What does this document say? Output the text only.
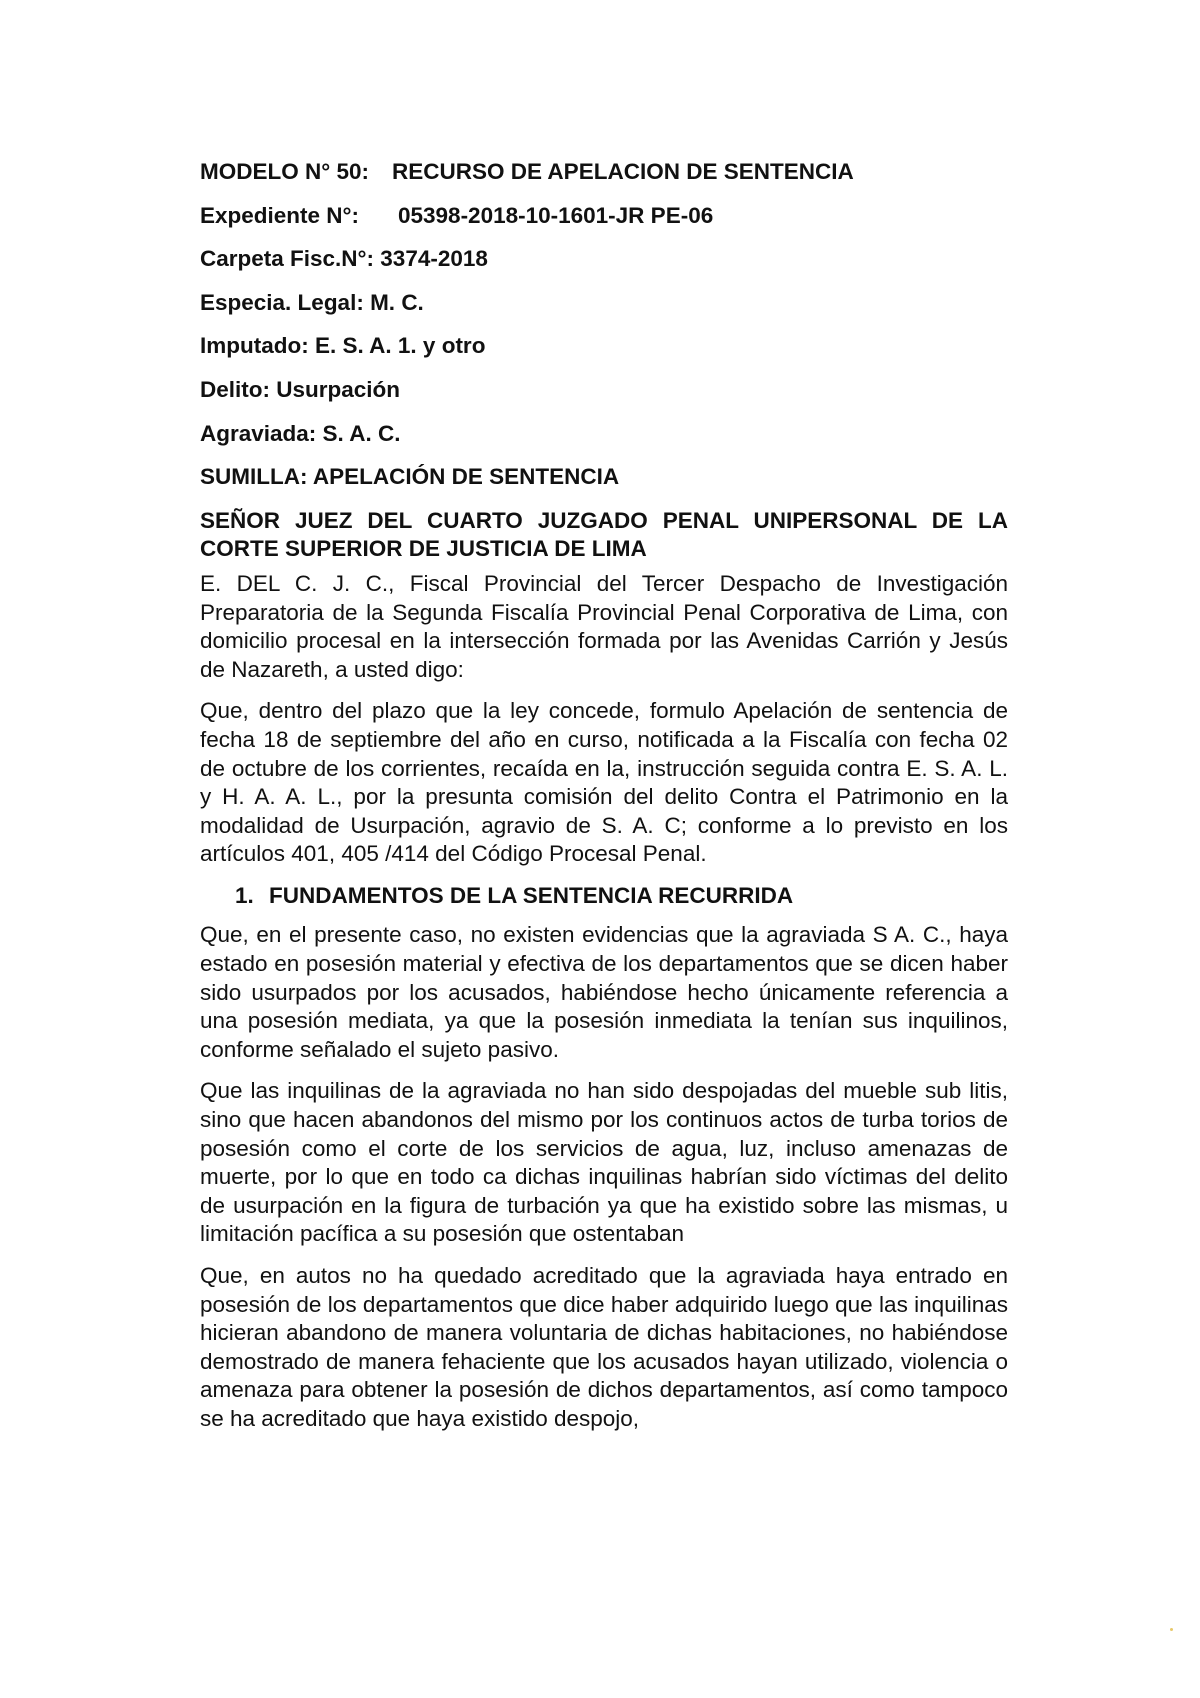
MODELO N° 50: RECURSO DE APELACION DE SENTENCIA
Expediente N°: 05398-2018-10-1601-JR PE-06
Carpeta Fisc.N°: 3374-2018
Especia. Legal: M. C.
Imputado: E. S. A. 1. y otro
Delito: Usurpación
Agraviada: S. A. C.
SUMILLA: APELACIÓN DE SENTENCIA
SEÑOR JUEZ DEL CUARTO JUZGADO PENAL UNIPERSONAL DE LA CORTE SUPERIOR DE JUSTICIA DE LIMA

E. DEL C. J. C., Fiscal Provincial del Tercer Despacho de Investigación Preparatoria de la Segunda Fiscalía Provincial Penal Corporativa de Lima, con domicilio procesal en la intersección formada por las Avenidas Carrión y Jesús de Nazareth, a usted digo:

Que, dentro del plazo que la ley concede, formulo Apelación de sentencia de fecha 18 de septiembre del año en curso, notificada a la Fiscalía con fecha 02 de octubre de los corrientes, recaída en la, instrucción seguida contra E. S. A. L. y H. A. A. L., por la presunta comisión del delito Contra el Patrimonio en la modalidad de Usurpación, agravio de S. A. C; conforme a lo previsto en los artículos 401, 405 /414 del Código Procesal Penal.

1. FUNDAMENTOS DE LA SENTENCIA RECURRIDA

Que, en el presente caso, no existen evidencias que la agraviada S A. C., haya estado en posesión material y efectiva de los departamentos que se dicen haber sido usurpados por los acusados, habiéndose hecho únicamente referencia a una posesión mediata, ya que la posesión inmediata la tenían sus inquilinos, conforme señalado el sujeto pasivo.

Que las inquilinas de la agraviada no han sido despojadas del mueble sub litis, sino que hacen abandonos del mismo por los continuos actos de turba torios de posesión como el corte de los servicios de agua, luz, incluso amenazas de muerte, por lo que en todo ca dichas inquilinas habrían sido víctimas del delito de usurpación en la figura de turbación ya que ha existido sobre las mismas, u limitación pacífica a su posesión que ostentaban

Que, en autos no ha quedado acreditado que la agraviada haya entrado en posesión de los departamentos que dice haber adquirido luego que las inquilinas hicieran abandono de manera voluntaria de dichas habitaciones, no habiéndose demostrado de manera fehaciente que los acusados hayan utilizado, violencia o amenaza para obtener la posesión de dichos departamentos, así como tampoco se ha acreditado que haya existido despojo,
